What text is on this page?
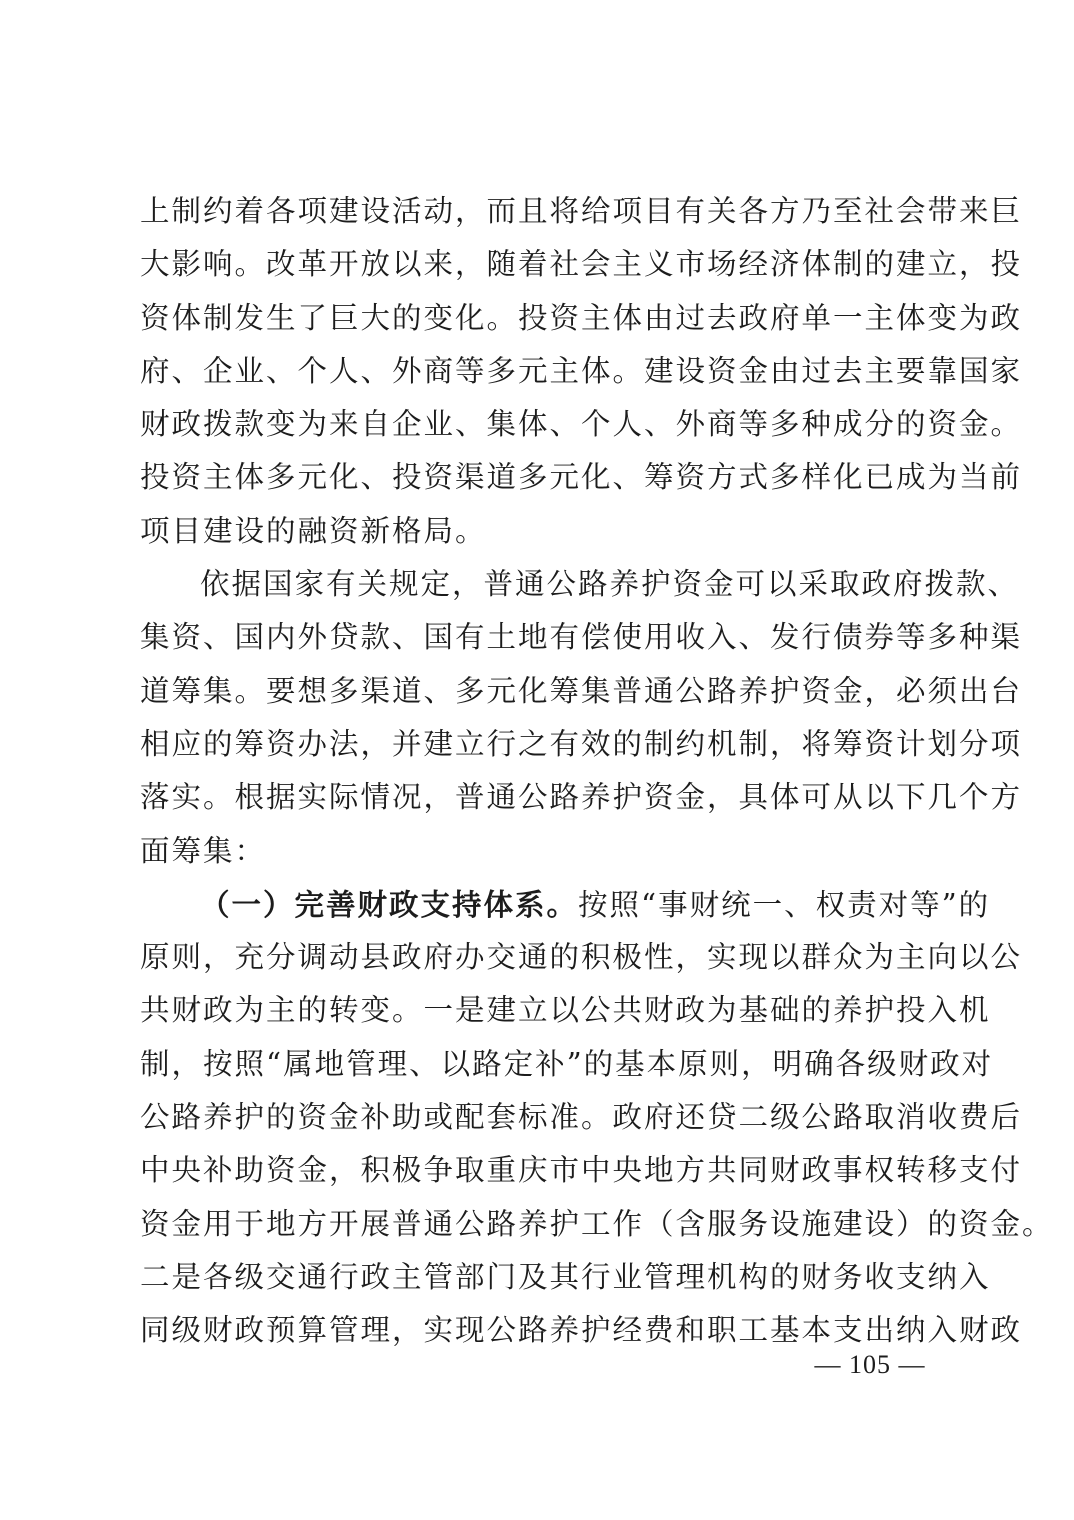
上制约着各项建设活动，而且将给项目有关各方乃至社会带来巨
大影响。改革开放以来，随着社会主义市场经济体制的建立，投
资体制发生了巨大的变化。投资主体由过去政府单一主体变为政
府、企业、个人、外商等多元主体。建设资金由过去主要靠国家
财政拨款变为来自企业、集体、个人、外商等多种成分的资金。
投资主体多元化、投资渠道多元化、筹资方式多样化已成为当前
项目建设的融资新格局。

依据国家有关规定，普通公路养护资金可以采取政府拨款、
集资、国内外贷款、国有土地有偿使用收入、发行债券等多种渠
道筹集。要想多渠道、多元化筹集普通公路养护资金，必须出台
相应的筹资办法，并建立行之有效的制约机制，将筹资计划分项
落实。根据实际情况，普通公路养护资金，具体可从以下几个方
面筹集：

（一）完善财政支持体系。按照“事财统一、权责对等”的
原则，充分调动县政府办交通的积极性，实现以群众为主向以公
共财政为主的转变。一是建立以公共财政为基础的养护投入机
制，按照“属地管理、以路定补”的基本原则，明确各级财政对
公路养护的资金补助或配套标准。政府还贷二级公路取消收费后
中央补助资金，积极争取重庆市中央地方共同财政事权转移支付
资金用于地方开展普通公路养护工作（含服务设施建设）的资金。
二是各级交通行政主管部门及其行业管理机构的财务收支纳入
同级财政预算管理，实现公路养护经费和职工基本支出纳入财政

— 105 —
